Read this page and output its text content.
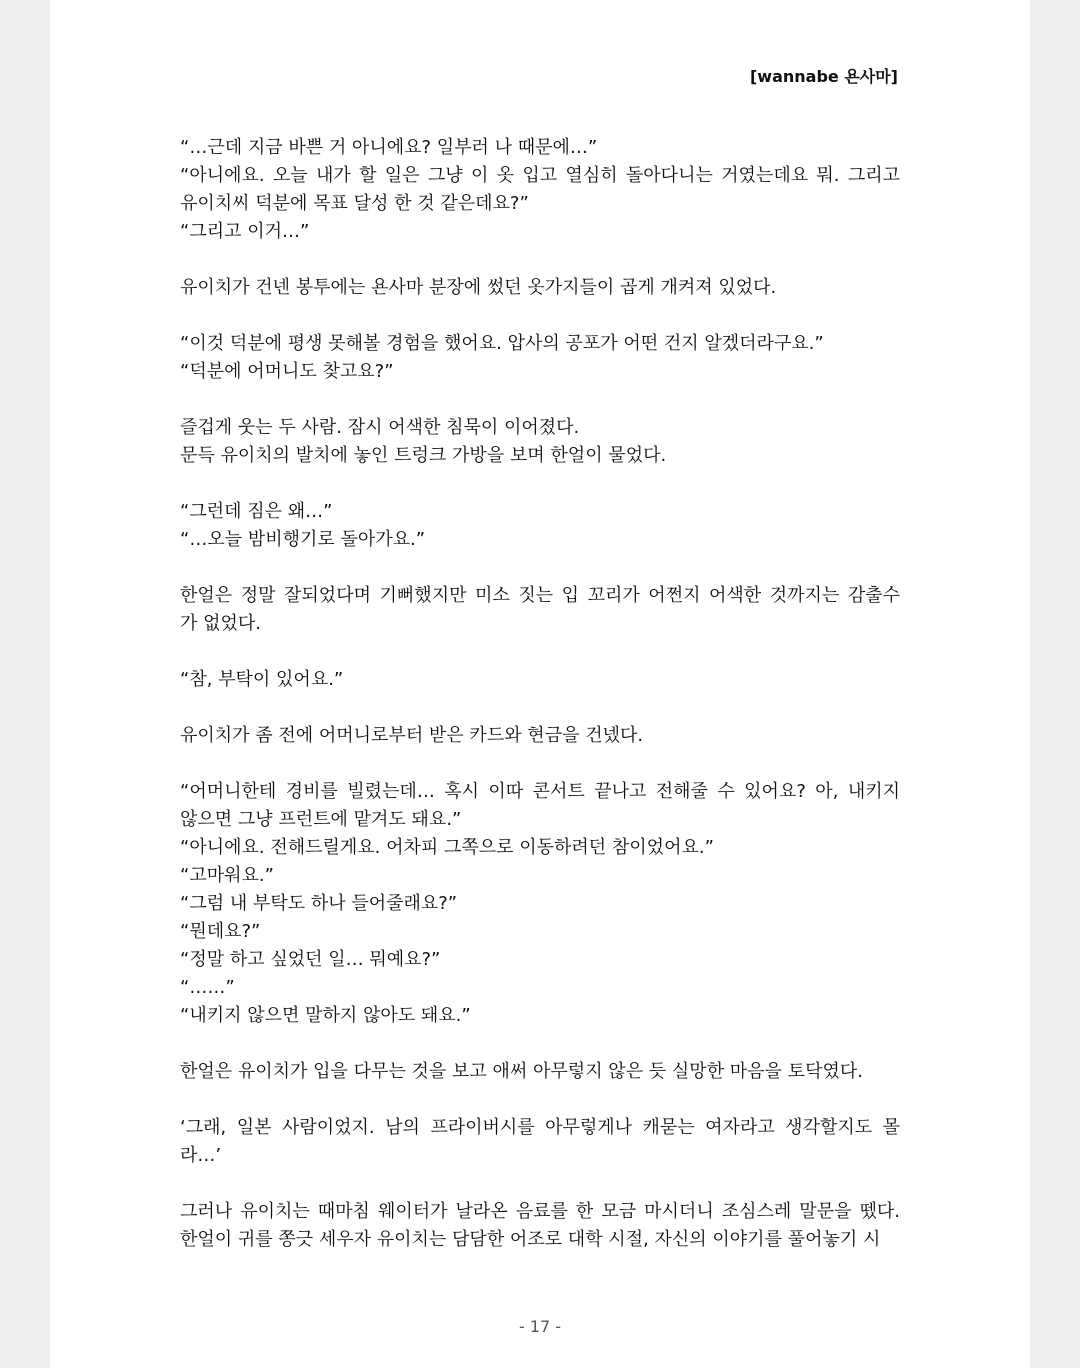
[wannabe 욘사마]

“…근데 지금 바쁜 거 아니에요? 일부러 나 때문에…”

“아니에요. 오늘 내가 할 일은 그냥 이 옷 입고 열심히 돌아다니는 거였는데요 뭐. 그리고
유이치씨 덕분에 목표 달성 한 것 같은데요?”

“그리고 이거…”

유이치가 건넨 봉투에는 욘사마 분장에 썼던 옷가지들이 곱게 개켜져 있었다.

“이것 덕분에 평생 못해볼 경험을 했어요. 압사의 공포가 어떤 건지 알겠더라구요.”

“덕분에 어머니도 찾고요?”

즐겁게 웃는 두 사람. 잠시 어색한 침묵이 이어졌다.

문득 유이치의 발치에 놓인 트렁크 가방을 보며 한얼이 물었다.

“그런데 짐은 왜…”

“…오늘 밤비행기로 돌아가요.”

한얼은 정말 잘되었다며 기뻐했지만 미소 짓는 입 꼬리가 어쩐지 어색한 것까지는 감출수
가 없었다.

“참, 부탁이 있어요.”

유이치가 좀 전에 어머니로부터 받은 카드와 현금을 건넸다.

“어머니한테 경비를 빌렸는데… 혹시 이따 콘서트 끝나고 전해줄 수 있어요? 아, 내키지
않으면 그냥 프런트에 맡겨도 돼요.”

“아니에요. 전해드릴게요. 어차피 그쪽으로 이동하려던 참이었어요.”

“고마워요.”

“그럼 내 부탁도 하나 들어줄래요?”

“뭔데요?”

“정말 하고 싶었던 일… 뭐예요?”

“……”

“내키지 않으면 말하지 않아도 돼요.”

한얼은 유이치가 입을 다무는 것을 보고 애써 아무렇지 않은 듯 실망한 마음을 토닥였다.

‘그래, 일본 사람이었지. 남의 프라이버시를 아무렇게나 캐묻는 여자라고 생각할지도 몰
라…’

그러나 유이치는 때마침 웨이터가 날라온 음료를 한 모금 마시더니 조심스레 말문을 뗐다.
한얼이 귀를 쫑긋 세우자 유이치는 담담한 어조로 대학 시절, 자신의 이야기를 풀어놓기 시

- 17 -
